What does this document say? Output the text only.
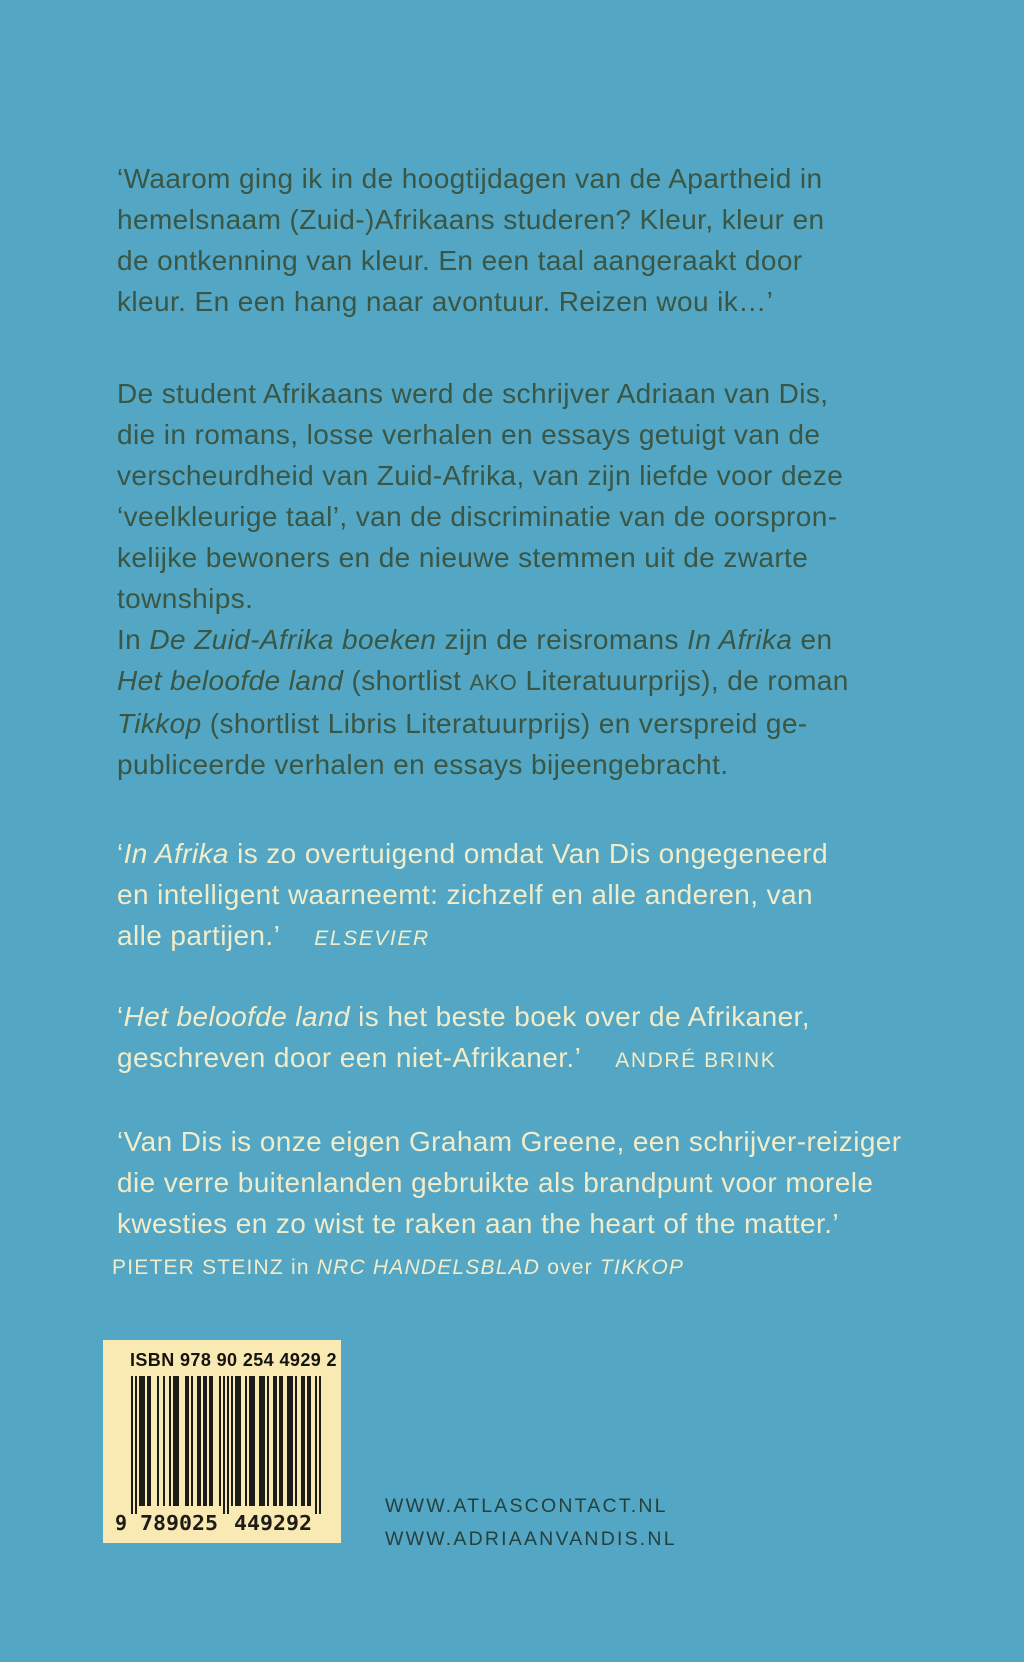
‘Waarom ging ik in de hoogtijdagen van de Apartheid in
hemelsnaam (Zuid-)Afrikaans studeren? Kleur, kleur en
de ontkenning van kleur. En een taal aangeraakt door
kleur. En een hang naar avontuur. Reizen wou ik…’
De student Afrikaans werd de schrijver Adriaan van Dis,
die in romans, losse verhalen en essays getuigt van de
verscheurdheid van Zuid-Afrika, van zijn liefde voor deze
‘veelkleurige taal’, van de discriminatie van de oorspron-
kelijke bewoners en de nieuwe stemmen uit de zwarte
townships.
In De Zuid-Afrika boeken zijn de reisromans In Afrika en
Het beloofde land (shortlist AKO Literatuurprijs), de roman
Tikkop (shortlist Libris Literatuurprijs) en verspreid ge-
publiceerde verhalen en essays bijeengebracht.
‘In Afrika is zo overtuigend omdat Van Dis ongegeneerd
en intelligent waarneemt: zichzelf en alle anderen, van
alle partijen.’ ELSEVIER
‘Het beloofde land is het beste boek over de Afrikaner,
geschreven door een niet-Afrikaner.’ ANDRÉ BRINK
‘Van Dis is onze eigen Graham Greene, een schrijver-reiziger
die verre buitenlanden gebruikte als brandpunt voor morele
kwesties en zo wist te raken aan the heart of the matter.’
PIETER STEINZ in NRC HANDELSBLAD over TIKKOP
ISBN 978 90 254 4929 2
9 789025 449292
WWW.ATLASCONTACT.NL
WWW.ADRIAANVANDIS.NL
